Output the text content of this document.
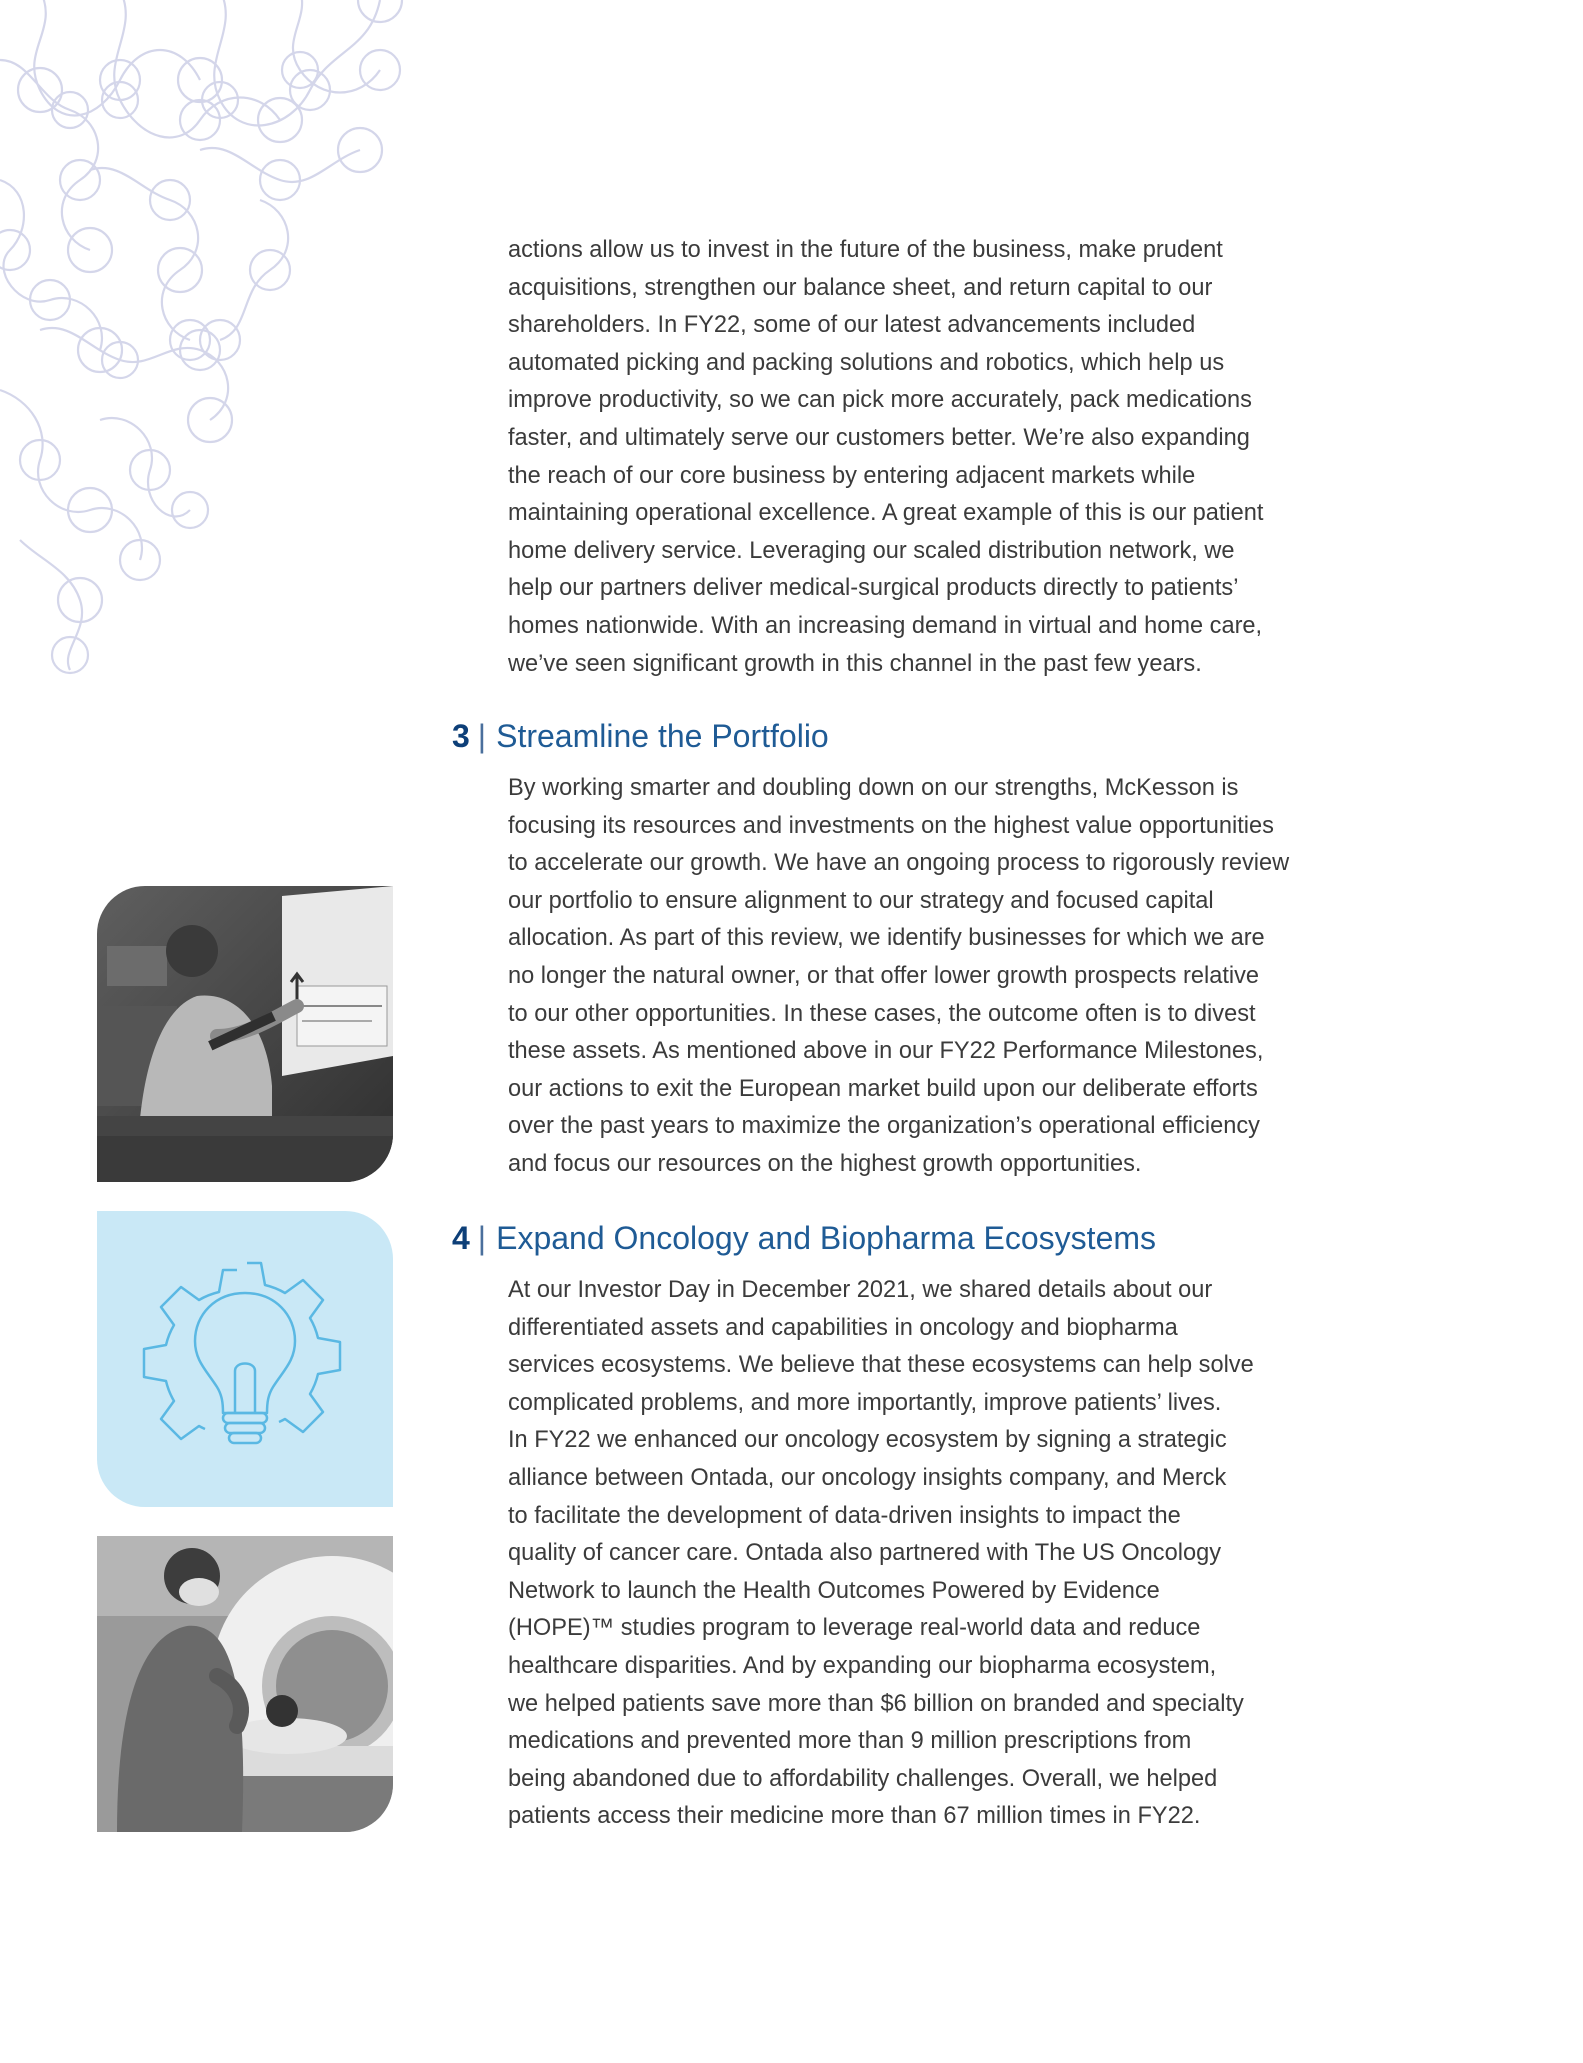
actions allow us to invest in the future of the business, make prudent
acquisitions, strengthen our balance sheet, and return capital to our
shareholders. In FY22, some of our latest advancements included
automated picking and packing solutions and robotics, which help us
improve productivity, so we can pick more accurately, pack medications
faster, and ultimately serve our customers better. We’re also expanding
the reach of our core business by entering adjacent markets while
maintaining operational excellence. A great example of this is our patient
home delivery service. Leveraging our scaled distribution network, we
help our partners deliver medical-surgical products directly to patients’
homes nationwide. With an increasing demand in virtual and home care,
we’ve seen significant growth in this channel in the past few years.

3 | Streamline the Portfolio

By working smarter and doubling down on our strengths, McKesson is
focusing its resources and investments on the highest value opportunities
to accelerate our growth. We have an ongoing process to rigorously review
our portfolio to ensure alignment to our strategy and focused capital
allocation. As part of this review, we identify businesses for which we are
no longer the natural owner, or that offer lower growth prospects relative
to our other opportunities. In these cases, the outcome often is to divest
these assets. As mentioned above in our FY22 Performance Milestones,
our actions to exit the European market build upon our deliberate efforts
over the past years to maximize the organization’s operational efficiency
and focus our resources on the highest growth opportunities.

4 | Expand Oncology and Biopharma Ecosystems

At our Investor Day in December 2021, we shared details about our
differentiated assets and capabilities in oncology and biopharma
services ecosystems. We believe that these ecosystems can help solve
complicated problems, and more importantly, improve patients’ lives.
In FY22 we enhanced our oncology ecosystem by signing a strategic
alliance between Ontada, our oncology insights company, and Merck
to facilitate the development of data-driven insights to impact the
quality of cancer care. Ontada also partnered with The US Oncology
Network to launch the Health Outcomes Powered by Evidence
(HOPE)™ studies program to leverage real-world data and reduce
healthcare disparities. And by expanding our biopharma ecosystem,
we helped patients save more than $6 billion on branded and specialty
medications and prevented more than 9 million prescriptions from
being abandoned due to affordability challenges. Overall, we helped
patients access their medicine more than 67 million times in FY22.
